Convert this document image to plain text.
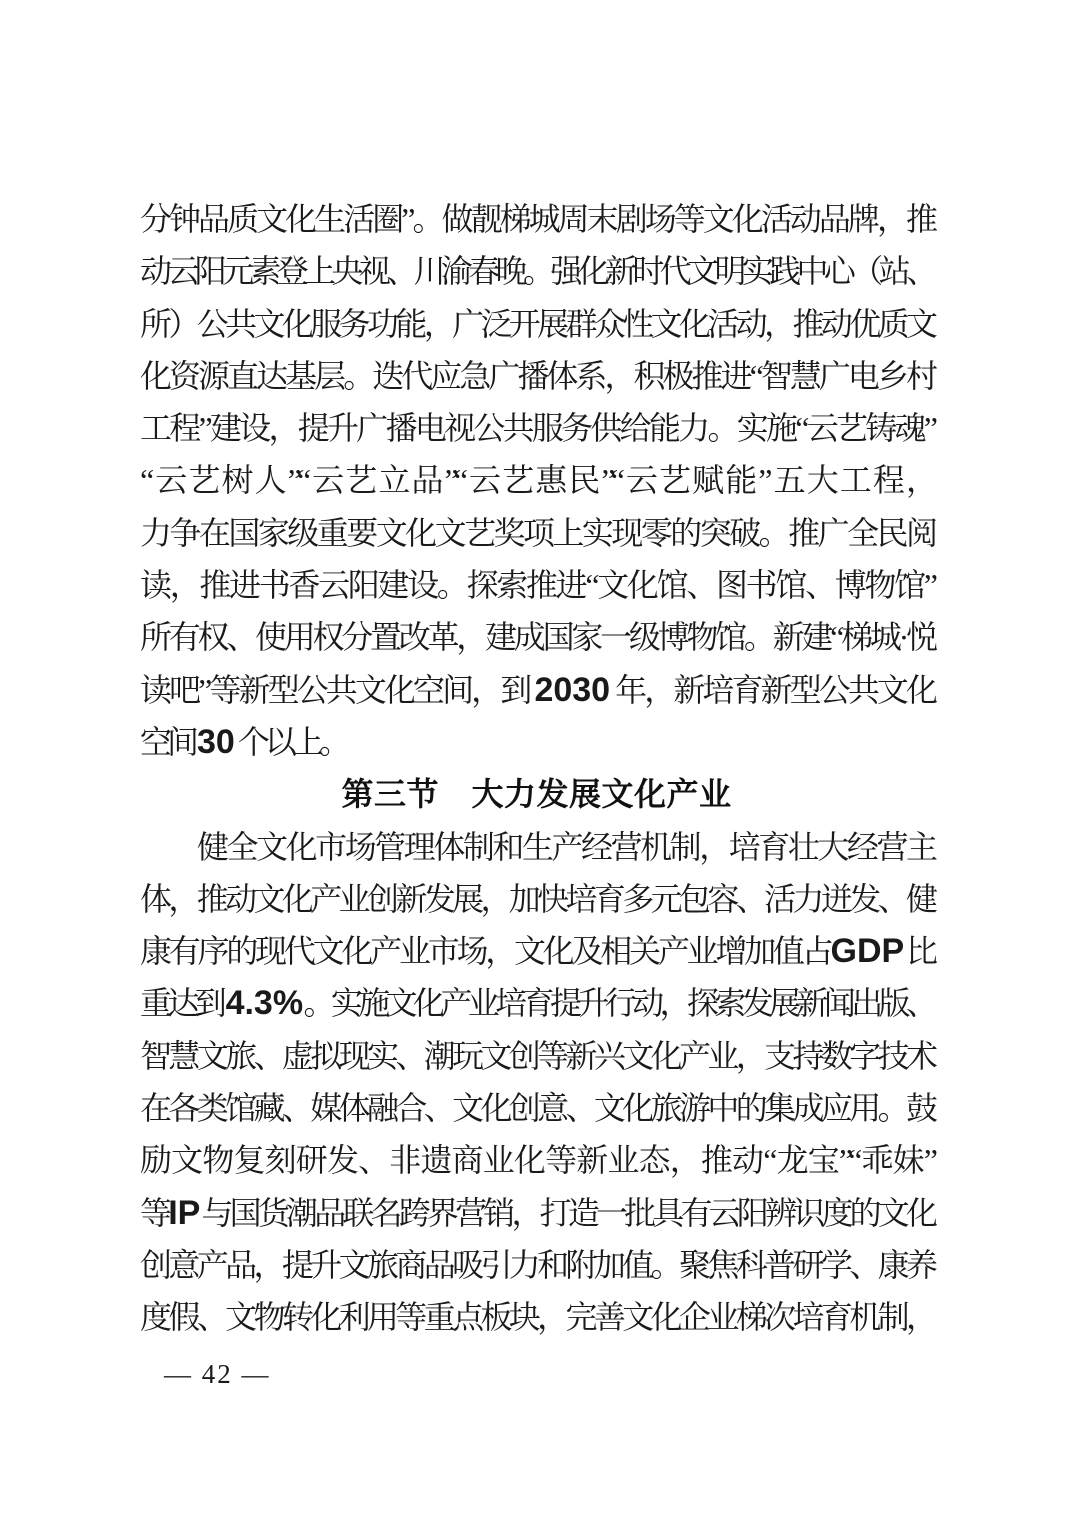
分钟品质文化生活圈”。做靓梯城周末剧场等文化活动品牌，推
动云阳元素登上央视、川渝春晚。强化新时代文明实践中心（站、
所）公共文化服务功能，广泛开展群众性文化活动，推动优质文
化资源直达基层。迭代应急广播体系，积极推进“智慧广电乡村
工程”建设，提升广播电视公共服务供给能力。实施“云艺铸魂”
“云艺树人”“云艺立品”“云艺惠民”“云艺赋能”五大工程，
力争在国家级重要文化文艺奖项上实现零的突破。推广全民阅
读，推进书香云阳建设。探索推进“文化馆、图书馆、博物馆”
所有权、使用权分置改革，建成国家一级博物馆。新建“梯城·悦
读吧”等新型公共文化空间，到 2030 年，新培育新型公共文化
空间 30 个以上。
第三节　大力发展文化产业
健全文化市场管理体制和生产经营机制，培育壮大经营主
体，推动文化产业创新发展，加快培育多元包容、活力迸发、健
康有序的现代文化产业市场，文化及相关产业增加值占GDP比
重达到 4.3%。实施文化产业培育提升行动，探索发展新闻出版、
智慧文旅、虚拟现实、潮玩文创等新兴文化产业，支持数字技术
在各类馆藏、媒体融合、文化创意、文化旅游中的集成应用。鼓
励文物复刻研发、非遗商业化等新业态，推动“龙宝”“乖妹”
等IP与国货潮品联名跨界营销，打造一批具有云阳辨识度的文化
创意产品，提升文旅商品吸引力和附加值。聚焦科普研学、康养
度假、文物转化利用等重点板块，完善文化企业梯次培育机制，
— 42 —
